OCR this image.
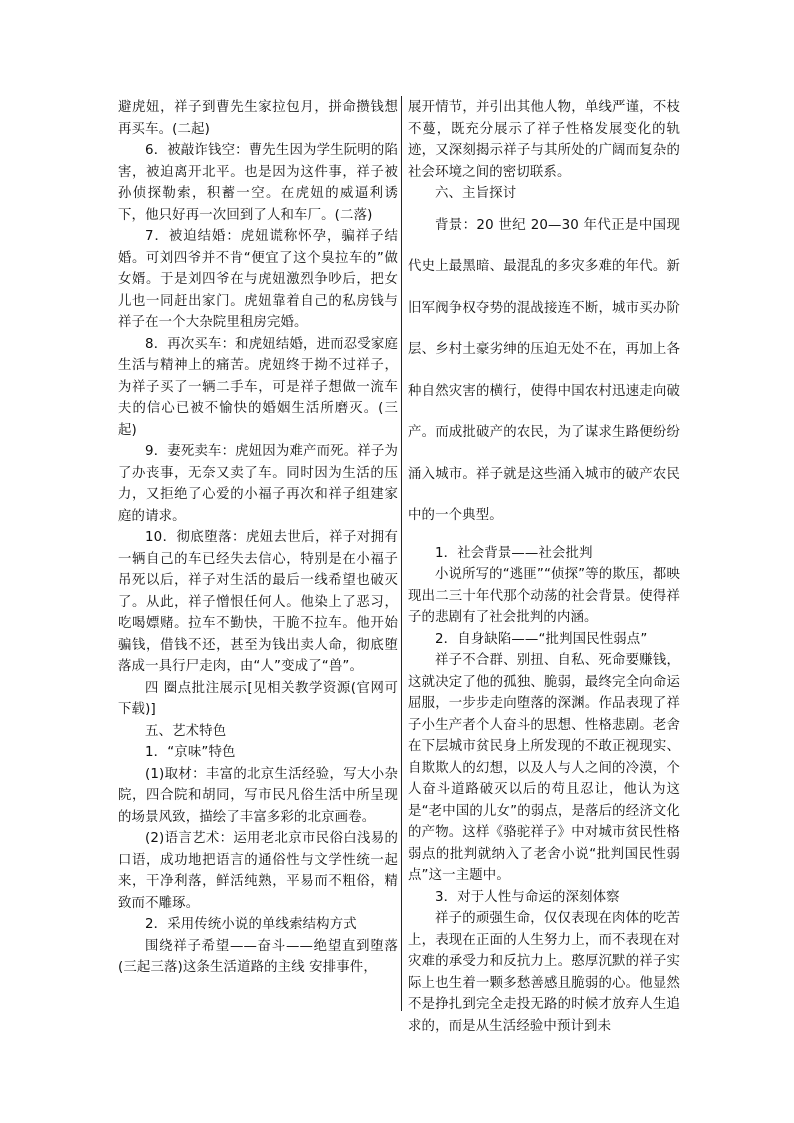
避虎妞，祥子到曹先生家拉包月，拼命攒钱想再买车。(二起)

6．被敲诈钱空：曹先生因为学生阮明的陷害，被迫离开北平。也是因为这件事，祥子被孙侦探勒索，积蓄一空。在虎妞的威逼利诱下，他只好再一次回到了人和车厂。(二落)

7．被迫结婚：虎妞谎称怀孕，骗祥子结婚。可刘四爷并不肯“便宜了这个臭拉车的”做女婿。于是刘四爷在与虎妞激烈争吵后，把女儿也一同赶出家门。虎妞靠着自己的私房钱与祥子在一个大杂院里租房完婚。

8．再次买车：和虎妞结婚，进而忍受家庭生活与精神上的痛苦。虎妞终于拗不过祥子，为祥子买了一辆二手车，可是祥子想做一流车夫的信心已被不愉快的婚姻生活所磨灭。(三起)

9．妻死卖车：虎妞因为难产而死。祥子为了办丧事，无奈又卖了车。同时因为生活的压力，又拒绝了心爱的小福子再次和祥子组建家庭的请求。

10．彻底堕落：虎妞去世后，祥子对拥有一辆自己的车已经失去信心，特别是在小福子吊死以后，祥子对生活的最后一线希望也破灭了。从此，祥子憎恨任何人。他染上了恶习，吃喝嫖赌。拉车不勤快，干脆不拉车。他开始骗钱，借钱不还，甚至为钱出卖人命，彻底堕落成一具行尸走肉，由“人”变成了“兽”。

四 圈点批注展示[见相关教学资源(官网可下载)]

五、艺术特色

1．“京味”特色

(1)取材：丰富的北京生活经验，写大小杂院，四合院和胡同，写市民凡俗生活中所呈现的场景风致，描绘了丰富多彩的北京画卷。

(2)语言艺术：运用老北京市民俗白浅易的口语，成功地把语言的通俗性与文学性统一起来，干净利落，鲜活纯熟，平易而不粗俗，精致而不雕琢。

2．采用传统小说的单线索结构方式

围绕祥子希望——奋斗——绝望直到堕落(三起三落)这条生活道路的主线 安排事件，

展开情节，并引出其他人物，单线严谨，不枝不蔓，既充分展示了祥子性格发展变化的轨迹，又深刻揭示祥子与其所处的广阔而复杂的社会环境之间的密切联系。

六、主旨探讨

背景：20 世纪 20—30 年代正是中国现代史上最黑暗、最混乱的多灾多难的年代。新旧军阀争权夺势的混战接连不断，城市买办阶层、乡村土豪劣绅的压迫无处不在，再加上各种自然灾害的横行，使得中国农村迅速走向破产。而成批破产的农民，为了谋求生路便纷纷涌入城市。祥子就是这些涌入城市的破产农民中的一个典型。

1．社会背景——社会批判

小说所写的“逃匪”“侦探”等的欺压，都映现出二三十年代那个动荡的社会背景。使得祥子的悲剧有了社会批判的内涵。

2．自身缺陷——“批判国民性弱点”

祥子不合群、别扭、自私、死命要赚钱，这就决定了他的孤独、脆弱，最终完全向命运屈服，一步步走向堕落的深渊。作品表现了祥子小生产者个人奋斗的思想、性格悲剧。老舍在下层城市贫民身上所发现的不敢正视现实、自欺欺人的幻想，以及人与人之间的冷漠，个人奋斗道路破灭以后的苟且忍让，他认为这是“老中国的儿女”的弱点，是落后的经济文化的产物。这样《骆驼祥子》中对城市贫民性格弱点的批判就纳入了老舍小说“批判国民性弱点”这一主题中。

3．对于人性与命运的深刻体察

祥子的顽强生命，仅仅表现在肉体的吃苦上，表现在正面的人生努力上，而不表现在对灾难的承受力和反抗力上。憨厚沉默的祥子实际上也生着一颗多愁善感且脆弱的心。他显然不是挣扎到完全走投无路的时候才放弃人生追求的，而是从生活经验中预计到未
